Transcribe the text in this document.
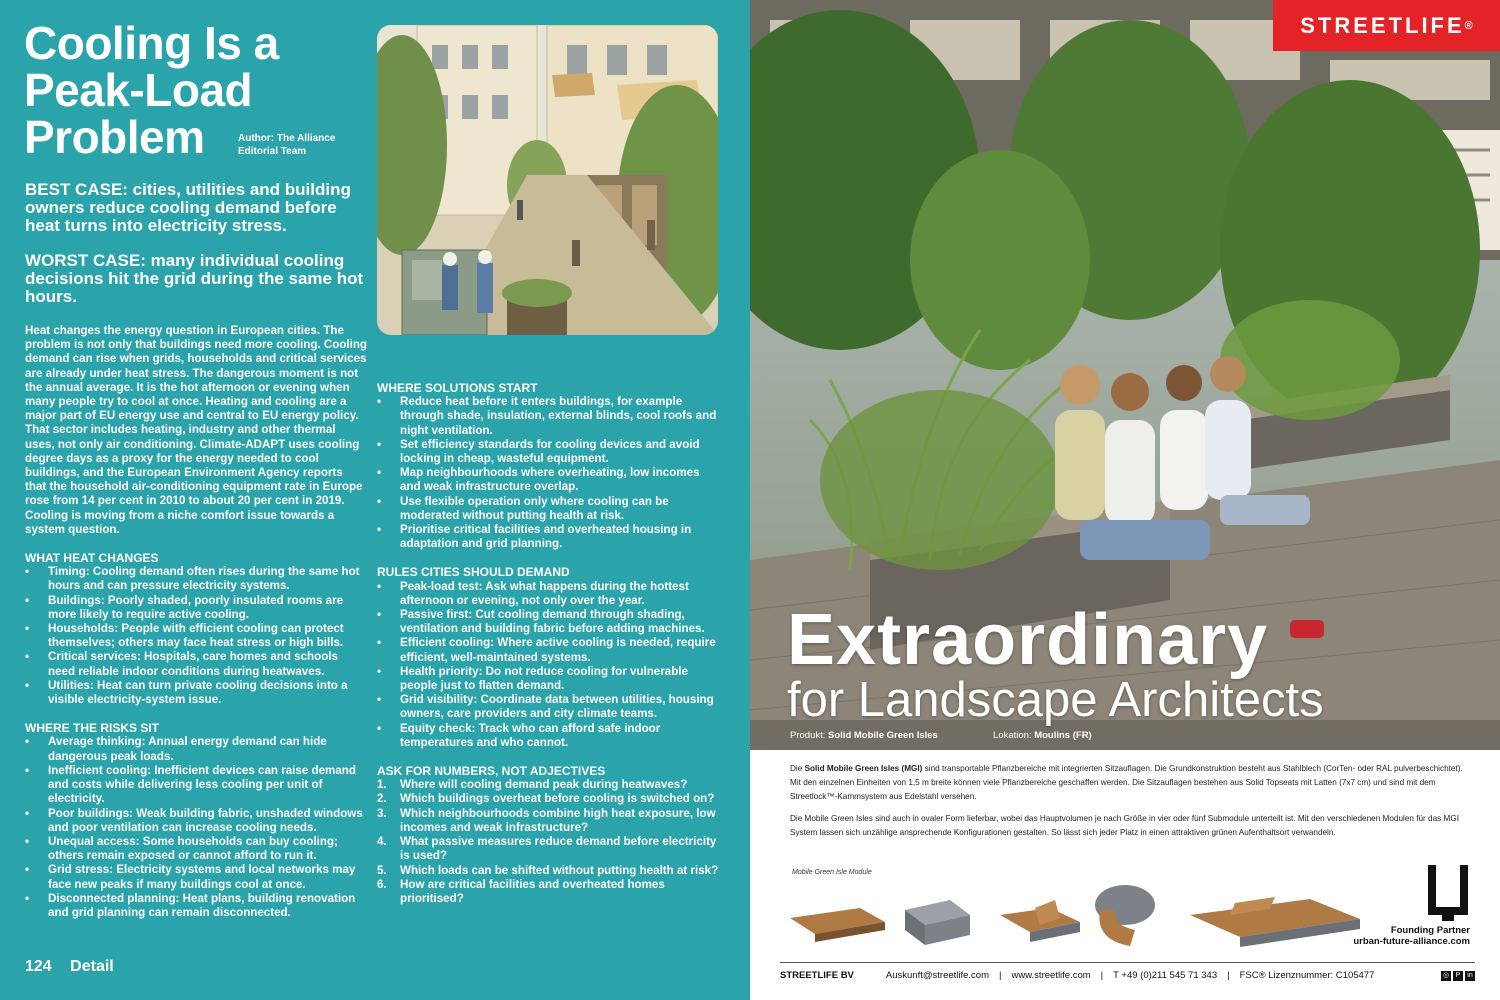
Cooling Is a
Peak-Load
Problem	Author: The Alliance Editorial Team

BEST CASE: cities, utilities and building owners reduce cooling demand before heat turns into electricity stress.

WORST CASE: many individual cooling decisions hit the grid during the same hot hours.

Heat changes the energy question in European cities. The problem is not only that buildings need more cooling. Cooling demand can rise when grids, households and critical services are already under heat stress. The dangerous moment is not the annual average. It is the hot afternoon or evening when many people try to cool at once. Heating and cooling are a major part of EU energy use and central to EU energy policy. That sector includes heating, industry and other thermal uses, not only air conditioning. Climate-ADAPT uses cooling degree days as a proxy for the energy needed to cool buildings, and the European Environment Agency reports that the household air-conditioning equipment rate in Europe rose from 14 per cent in 2010 to about 20 per cent in 2019. Cooling is moving from a niche comfort issue towards a system question.

WHAT HEAT CHANGES
• Timing: Cooling demand often rises during the same hot hours and can pressure electricity systems.
• Buildings: Poorly shaded, poorly insulated rooms are more likely to require active cooling.
• Households: People with efficient cooling can protect themselves; others may face heat stress or high bills.
• Critical services: Hospitals, care homes and schools need reliable indoor conditions during heatwaves.
• Utilities: Heat can turn private cooling decisions into a visible electricity-system issue.
WHERE THE RISKS SIT
• Average thinking: Annual energy demand can hide dangerous peak loads.
• Inefficient cooling: Inefficient devices can raise demand and costs while delivering less cooling per unit of electricity.
• Poor buildings: Weak building fabric, unshaded windows and poor ventilation can increase cooling needs.
• Unequal access: Some households can buy cooling; others remain exposed or cannot afford to run it.
• Grid stress: Electricity systems and local networks may face new peaks if many buildings cool at once.
• Disconnected planning: Heat plans, building renovation and grid planning can remain disconnected.
WHERE SOLUTIONS START
• Reduce heat before it enters buildings, for example through shade, insulation, external blinds, cool roofs and night ventilation.
• Set efficiency standards for cooling devices and avoid locking in cheap, wasteful equipment.
• Map neighbourhoods where overheating, low incomes and weak infrastructure overlap.
• Use flexible operation only where cooling can be moderated without putting health at risk.
• Prioritise critical facilities and overheated housing in adaptation and grid planning.
RULES CITIES SHOULD DEMAND
• Peak-load test: Ask what happens during the hottest afternoon or evening, not only over the year.
• Passive first: Cut cooling demand through shading, ventilation and building fabric before adding machines.
• Efficient cooling: Where active cooling is needed, require efficient, well-maintained systems.
• Health priority: Do not reduce cooling for vulnerable people just to flatten demand.
• Grid visibility: Coordinate data between utilities, housing owners, care providers and city climate teams.
• Equity check: Track who can afford safe indoor temperatures and who cannot.
ASK FOR NUMBERS, NOT ADJECTIVES
1. Where will cooling demand peak during heatwaves?
2. Which buildings overheat before cooling is switched on?
3. Which neighbourhoods combine high heat exposure, low incomes and weak infrastructure?
4. What passive measures reduce demand before electricity is used?
5. Which loads can be shifted without putting health at risk?
6. How are critical facilities and overheated homes prioritised?
124 Detail
STREETLIFE ®
Extraordinary
for Landscape Architects
Produkt: Solid Mobile Green Isles	Lokation: Moulins (FR)

Die Solid Mobile Green Isles (MGI) sind transportable Pflanzbereiche mit integrierten Sitzauflagen. Die Grundkonstruktion besteht aus Stahlblech (CorTen- oder RAL pulverbeschichtet). Mit den einzelnen Einheiten von 1,5 m breite können viele Pflanzbereiche geschaffen werden. Die Sitzauflagen bestehen aus Solid Topseats mit Latten (7x7 cm) und sind mit dem Streetlock™-Kammsystem aus Edelstahl versehen.

Die Mobile Green Isles sind auch in ovaler Form lieferbar, wobei das Hauptvolumen je nach Größe in vier oder fünf Submodule unterteilt ist. Mit den verschiedenen Modulen für das MGI System lassen sich unzählige ansprechende Konfigurationen gestalten. So lässt sich jeder Platz in einen attraktiven grünen Aufenthaltsort verwandeln.

Mobile Green Isle Module
Founding Partner
urban-future-alliance.com
STREETLIFE BV	Auskunft@streetlife.com | www.streetlife.com | T +49 (0)211 545 71 343 | FSC® Lizenznummer: C105477	◎ P in
